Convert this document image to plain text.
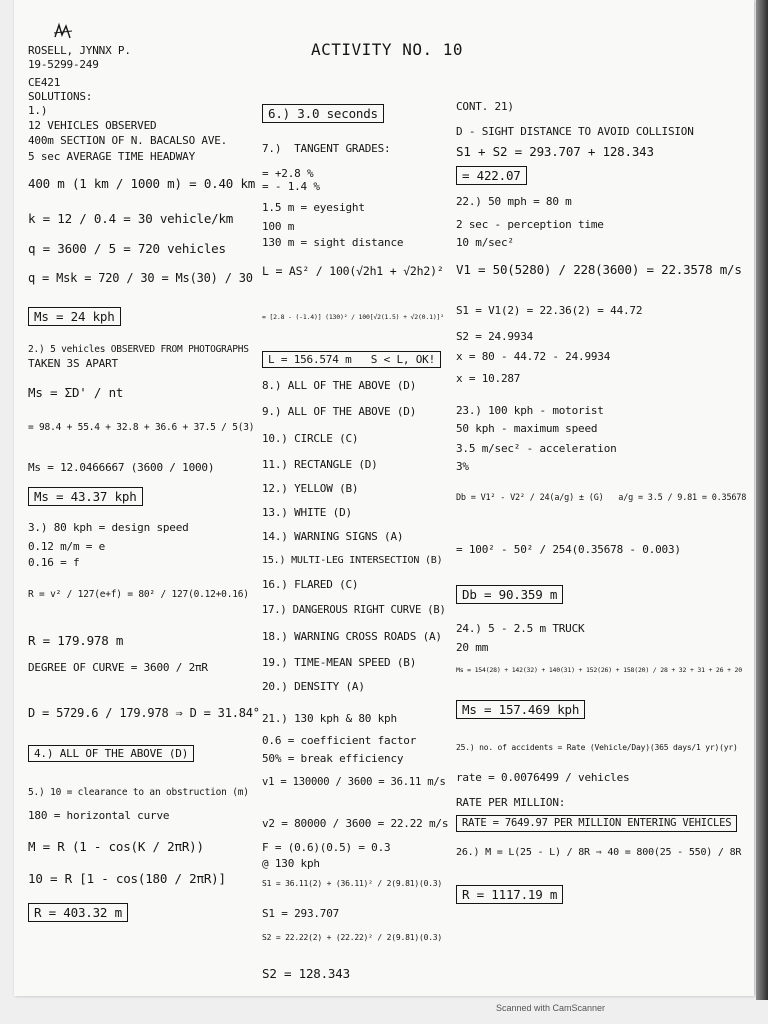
ACTIVITY NO. 10
ROSELL, JYNNX P.
19-5299-249
CE421
SOLUTIONS:
1.)
12 VEHICLES OBSERVED
400m SECTION OF N. BACALSO AVE.
5 sec AVERAGE TIME HEADWAY
400 m (1 km / 1000 m) = 0.40 km
k = 12 / 0.4 = 30 vehicle/km
q = 3600 / 5 = 720 vehicles
q = Msk = 720 / 30 = Ms(30) / 30
Ms = 24 kph
2.) 5 vehicles OBSERVED FROM PHOTOGRAPHS
TAKEN 3S APART
Ms = ΣD' / nt
= 98.4 + 55.4 + 32.8 + 36.6 + 37.5 / 5(3)
Ms = 12.0466667 (3600 / 1000)
Ms = 43.37 kph
3.) 80 kph = design speed
0.12 m/m = e
0.16 = f
R = v² / 127(e+f) = 80² / 127(0.12+0.16)
R = 179.978 m
DEGREE OF CURVE = 3600 / 2πR
D = 5729.6 / 179.978 ⇒ D = 31.84°
4.) ALL OF THE ABOVE (D)
5.) 10 = clearance to an obstruction (m)
180 = horizontal curve
M = R (1 - cos(K / 2πR))
10 = R [1 - cos(180 / 2πR)]
R = 403.32 m
6.) 3.0 seconds
7.)  TANGENT GRADES:
= +2.8 %
= - 1.4 %
1.5 m = eyesight
100 m
130 m = sight distance
L = AS² / 100(√2h1 + √2h2)²
= [2.8 - (-1.4)] (130)² / 100[√2(1.5) + √2(0.1)]²
L = 156.574 m   S < L, OK!
8.) ALL OF THE ABOVE (D)
9.) ALL OF THE ABOVE (D)
10.) CIRCLE (C)
11.) RECTANGLE (D)
12.) YELLOW (B)
13.) WHITE (D)
14.) WARNING SIGNS (A)
15.) MULTI-LEG INTERSECTION (B)
16.) FLARED (C)
17.) DANGEROUS RIGHT CURVE (B)
18.) WARNING CROSS ROADS (A)
19.) TIME-MEAN SPEED (B)
20.) DENSITY (A)
21.) 130 kph & 80 kph
0.6 = coefficient factor
50% = break efficiency
v1 = 130000 / 3600 = 36.11 m/s
v2 = 80000 / 3600 = 22.22 m/s
F = (0.6)(0.5) = 0.3
@ 130 kph
S1 = 36.11(2) + (36.11)² / 2(9.81)(0.3)
S1 = 293.707
S2 = 22.22(2) + (22.22)² / 2(9.81)(0.3)
S2 = 128.343
CONT. 21)
D - SIGHT DISTANCE TO AVOID COLLISION
S1 + S2 = 293.707 + 128.343
= 422.07
22.) 50 mph = 80 m
2 sec - perception time
10 m/sec²
V1 = 50(5280) / 228(3600) = 22.3578 m/s
S1 = V1(2) = 22.36(2) = 44.72
S2 = 24.9934
x = 80 - 44.72 - 24.9934
x = 10.287
23.) 100 kph - motorist
50 kph - maximum speed
3.5 m/sec² - acceleration
3%
Db = V1² - V2² / 24(a/g) ± (G)   a/g = 3.5 / 9.81 = 0.35678
= 100² - 50² / 254(0.35678 - 0.003)
Db = 90.359 m
24.) 5 - 2.5 m TRUCK
20 mm
Ms = 154(28) + 142(32) + 140(31) + 152(26) + 158(20) / 28 + 32 + 31 + 26 + 20
Ms = 157.469 kph
25.) no. of accidents = Rate (Vehicle/Day)(365 days/1 yr)(yr)
rate = 0.0076499 / vehicles
RATE PER MILLION:
RATE = 7649.97 PER MILLION ENTERING VEHICLES
26.) M = L(25 - L) / 8R ⇒ 40 = 800(25 - 550) / 8R
R = 1117.19 m
Scanned with CamScanner
